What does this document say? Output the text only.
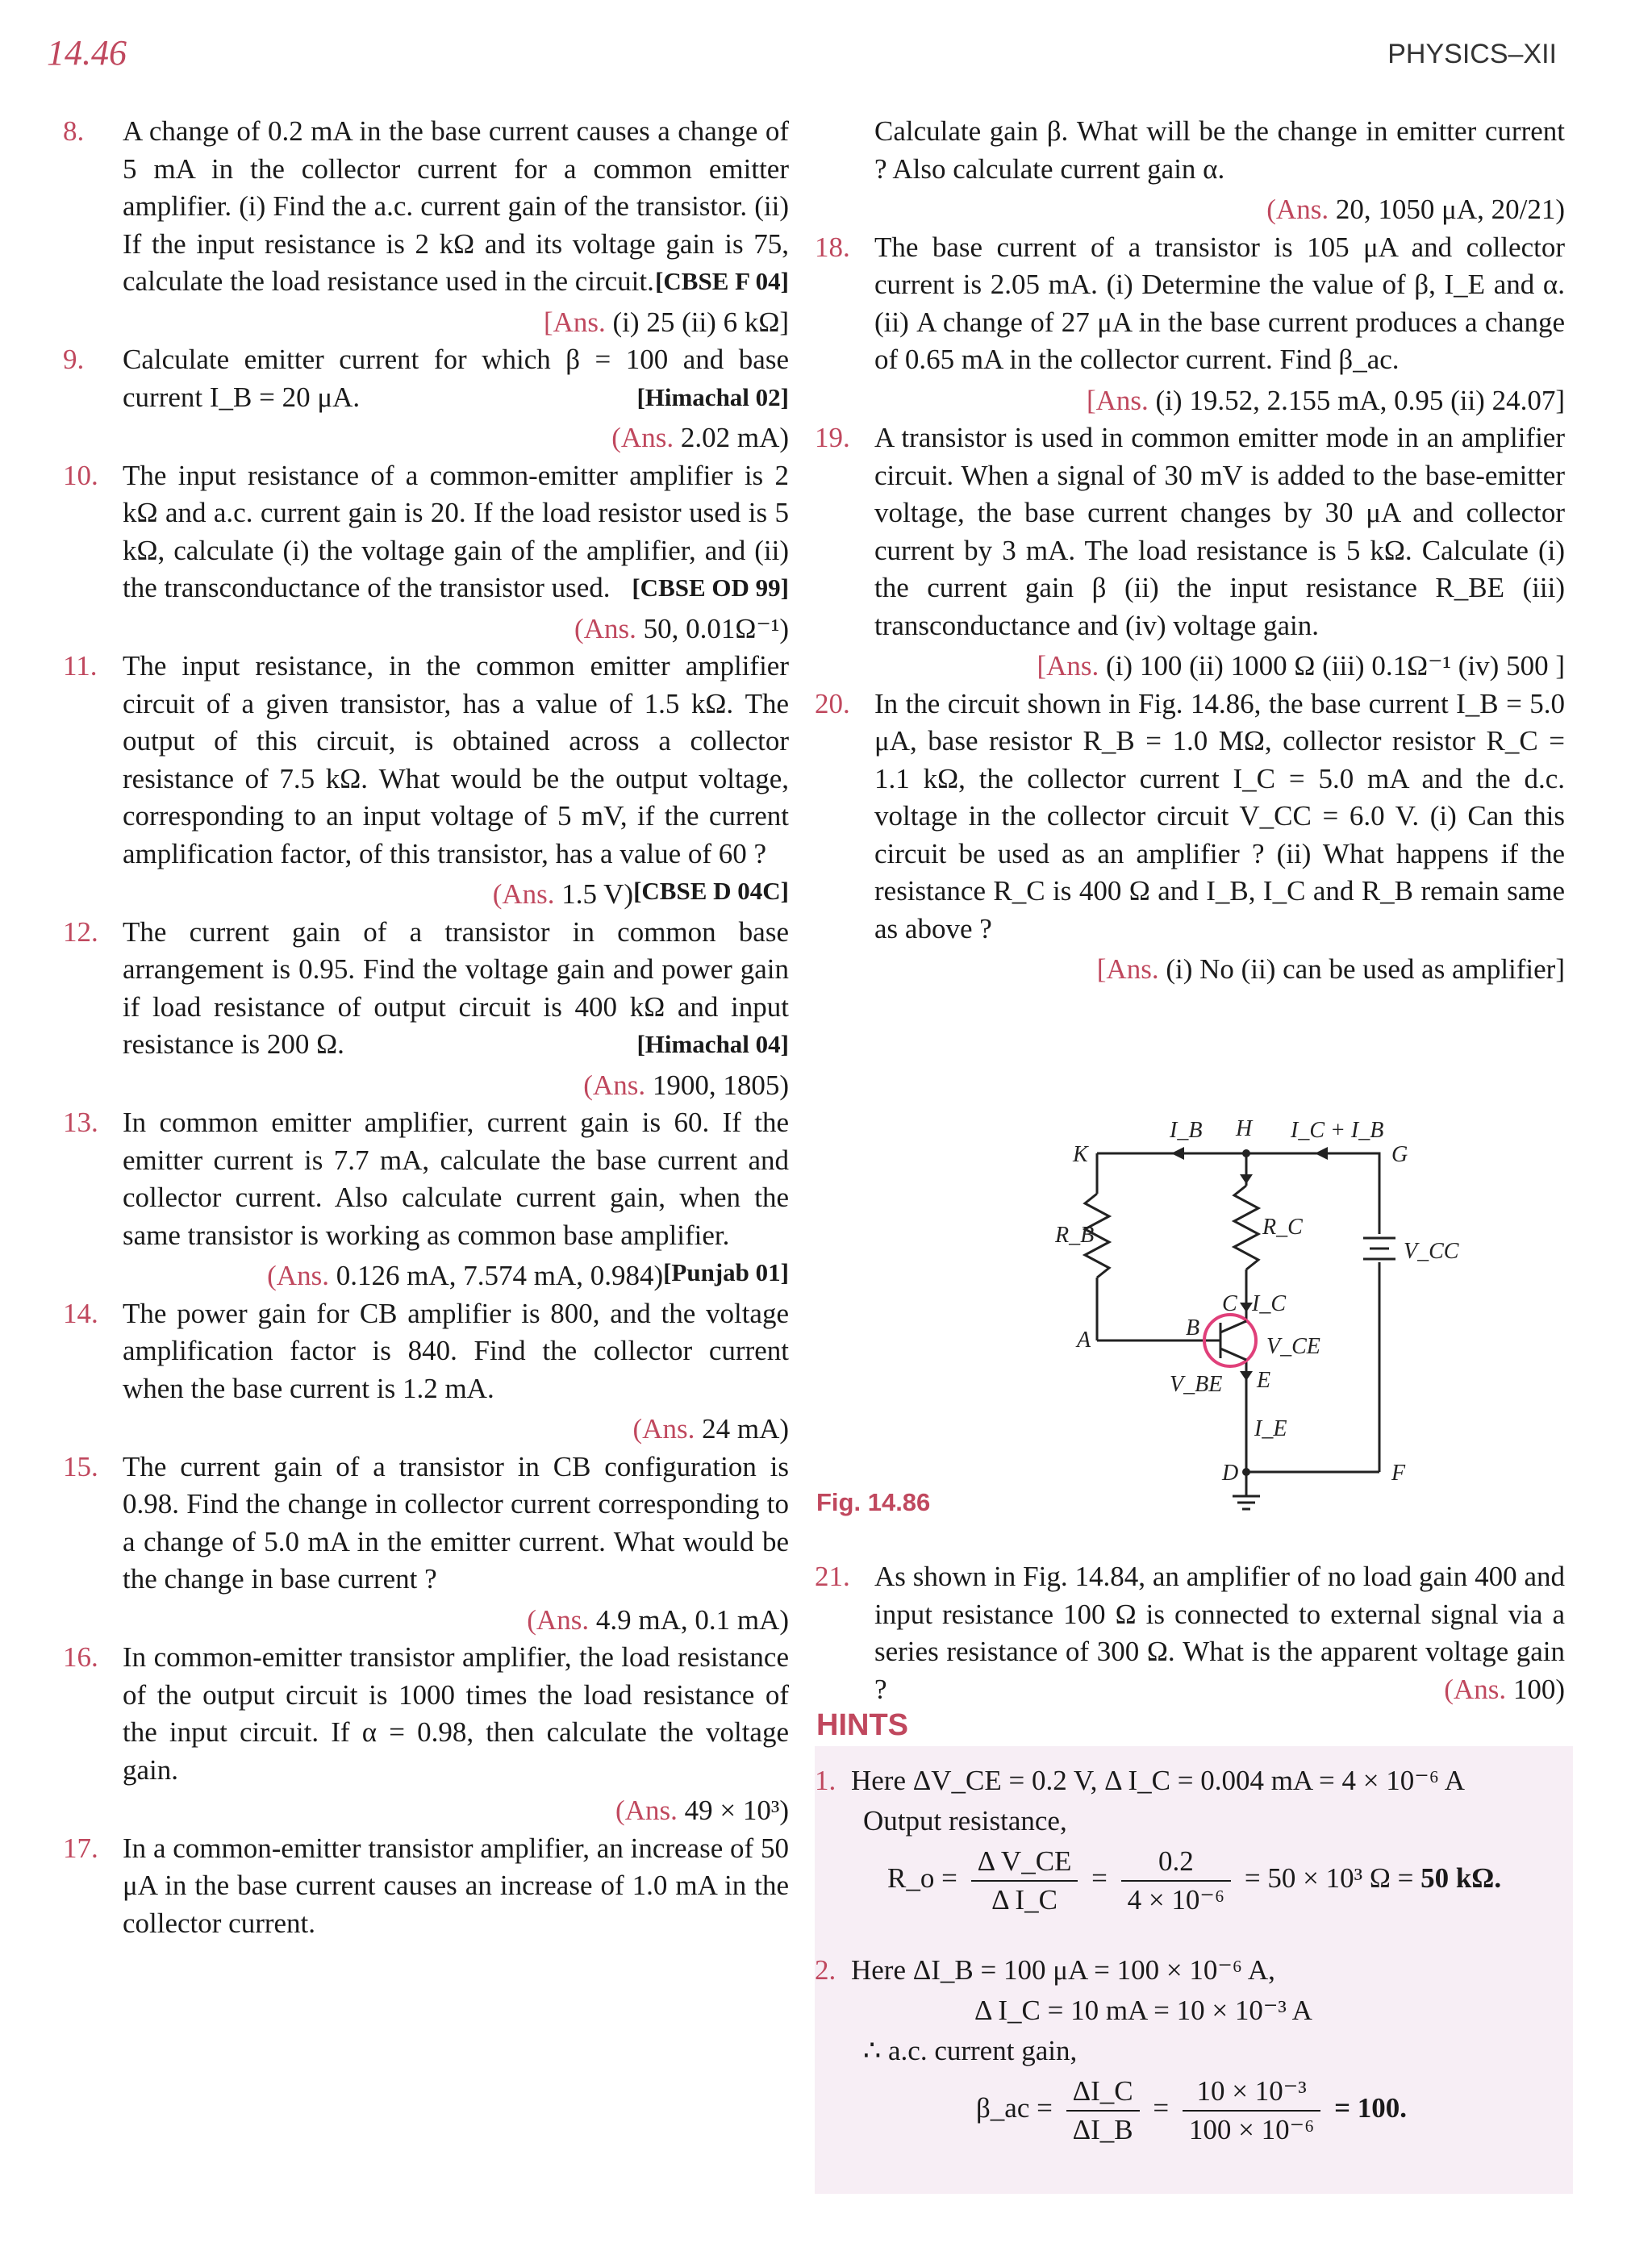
14.46	PHYSICS–XII
8. A change of 0.2 mA in the base current causes a change of 5 mA in the collector current for a common emitter amplifier. (i) Find the a.c. current gain of the transistor. (ii) If the input resistance is 2 kΩ and its voltage gain is 75, calculate the load resistance used in the circuit. [CBSE F 04]
[Ans. (i) 25 (ii) 6 kΩ]
9. Calculate emitter current for which β = 100 and base current I_B = 20 μA.	[Himachal 02]
(Ans. 2.02 mA)
10. The input resistance of a common-emitter amplifier is 2 kΩ and a.c. current gain is 20. If the load resistor used is 5 kΩ, calculate (i) the voltage gain of the amplifier, and (ii) the transconductance of the transistor used. [CBSE OD 99]
(Ans. 50, 0.01Ω⁻¹)
11. The input resistance, in the common emitter amplifier circuit of a given transistor, has a value of 1.5 kΩ. The output of this circuit, is obtained across a collector resistance of 7.5 kΩ. What would be the output voltage, corresponding to an input voltage of 5 mV, if the current amplification factor, of this transistor, has a value of 60 ?
[CBSE D 04C]
(Ans. 1.5 V)
12. The current gain of a transistor in common base arrangement is 0.95. Find the voltage gain and power gain if load resistance of output circuit is 400 kΩ and input resistance is 200 Ω.	[Himachal 04]
(Ans. 1900, 1805)
13. In common emitter amplifier, current gain is 60. If the emitter current is 7.7 mA, calculate the base current and collector current. Also calculate current gain, when the same transistor is working as common base amplifier.
[Punjab 01]
(Ans. 0.126 mA, 7.574 mA, 0.984)
14. The power gain for CB amplifier is 800, and the voltage amplification factor is 840. Find the collector current when the base current is 1.2 mA.
(Ans. 24 mA)
15. The current gain of a transistor in CB configuration is 0.98. Find the change in collector current corresponding to a change of 5.0 mA in the emitter current. What would be the change in base current ?
(Ans. 4.9 mA, 0.1 mA)
16. In common-emitter transistor amplifier, the load resistance of the output circuit is 1000 times the load resistance of the input circuit. If α = 0.98, then calculate the voltage gain.
(Ans. 49 × 10³)
17. In a common-emitter transistor amplifier, an increase of 50 μA in the base current causes an increase of 1.0 mA in the collector current.
Calculate gain β. What will be the change in emitter current ? Also calculate current gain α.
(Ans. 20, 1050 μA, 20/21)
18. The base current of a transistor is 105 μA and collector current is 2.05 mA. (i) Determine the value of β, I_E and α. (ii) A change of 27 μA in the base current produces a change of 0.65 mA in the collector current. Find β_ac.
[Ans. (i) 19.52, 2.155 mA, 0.95 (ii) 24.07]
19. A transistor is used in common emitter mode in an amplifier circuit. When a signal of 30 mV is added to the base-emitter voltage, the base current changes by 30 μA and collector current by 3 mA. The load resistance is 5 kΩ. Calculate (i) the current gain β (ii) the input resistance R_BE (iii) transconductance and (iv) voltage gain.
[Ans. (i) 100 (ii) 1000 Ω (iii) 0.1Ω⁻¹ (iv) 500 ]
20. In the circuit shown in Fig. 14.86, the base current I_B = 5.0 μA, base resistor R_B = 1.0 MΩ, collector resistor R_C = 1.1 kΩ, the collector current I_C = 5.0 mA and the d.c. voltage in the collector circuit V_CC = 6.0 V. (i) Can this circuit be used as an amplifier ? (ii) What happens if the resistance R_C is 400 Ω and I_B, I_C and R_B remain same as above ?
[Ans. (i) No (ii) can be used as amplifier]
K	G
H
I_B	I_C + I_B
R_C
R_B
C I_C
B
A	V_CE
V_BE E
I_E
D	F
V_CC
Fig. 14.86
21. As shown in Fig. 14.84, an amplifier of no load gain 400 and input resistance 100 Ω is connected to external signal via a series resistance of 300 Ω. What is the apparent voltage gain ?	(Ans. 100)
HINTS
1. Here ΔV_CE = 0.2 V, Δ I_C = 0.004 mA = 4 × 10⁻⁶ A
Output resistance,
R_o = $\frac{\text{Δ V\_CE}}{\text{Δ I\_C}} = \frac{0.2}{\text{4 × 10⁻⁶}} = 50 \times 10^3$ Ω = 50 kΩ.
2. Here ΔI_B = 100 μA = 100 × 10⁻⁶ A,
Δ I_C = 10 mA = 10 × 10⁻³ A
∴ a.c. current gain,
β_ac = $\frac{\Delta I\_C}{\Delta I\_B} = \frac{\text{10 × 10⁻³}}{\text{100 × 10⁻⁶}} = 100$.
